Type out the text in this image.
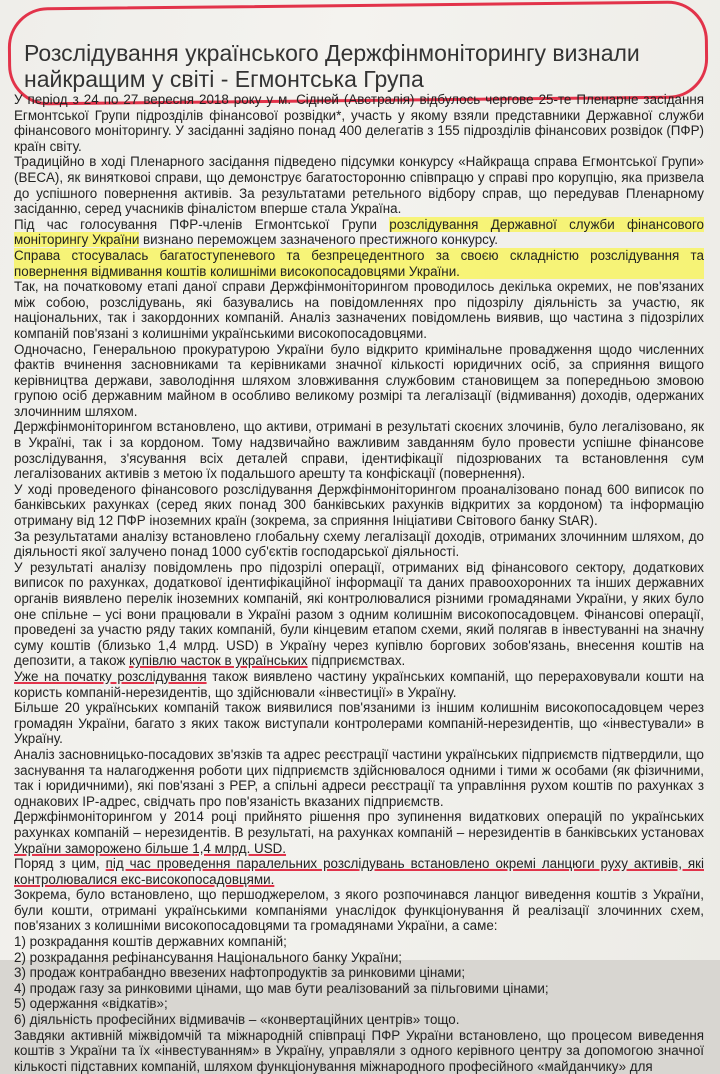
Розслідування українського Держфінмоніторингу визнали найкращим у світі - Егмонтська Група

У період з 24 по 27 вересня 2018 року у м. Сідней (Австралія) відбулось чергове 25-те Пленарне засідання Егмонтської Групи підрозділів фінансової розвідки*, участь у якому взяли представники Державної служби фінансового моніторингу. У засіданні задіяно понад 400 делегатів з 155 підрозділів фінансових розвідок (ПФР) країн світу.

Традиційно в ході Пленарного засідання підведено підсумки конкурсу «Найкраща справа Егмонтської Групи» (BECA), як винятковоі справи, що демонструє багатосторонню співпрацю у справі про корупцію, яка призвела до успішного повернення активів. За результатами ретельного відбору справ, що передував Пленарному засіданню, серед учасників фіналістом вперше стала Україна.

Під час голосування ПФР-членів Егмонтської Групи розслідування Державної служби фінансового моніторингу України визнано переможцем зазначеного престижного конкурсу.

Справа стосувалась багатоступеневого та безпрецедентного за своєю складністю розслідування та повернення відмивання коштів колишніми високопосадовцями України.

Так, на початковому етапі даної справи Держфінмоніторингом проводилось декілька окремих, не пов'язаних між собою, розслідувань, які базувались на повідомленнях про підозрілу діяльність за участю, як національних, так і закордонних компаній. Аналіз зазначених повідомлень виявив, що частина з підозрілих компаній пов'язані з колишніми українськими високопосадовцями.

Одночасно, Генеральною прокуратурою України було відкрито кримінальне провадження щодо численних фактів вчинення засновниками та керівниками значної кількості юридичних осіб, за сприяння вищого керівництва держави, заволодіння шляхом зловживання службовим становищем за попередньою змовою групою осіб державним майном в особливо великому розмірі та легалізації (відмивання) доходів, одержаних злочинним шляхом.

Держфінмоніторингом встановлено, що активи, отримані в результаті скоєних злочинів, було легалізовано, як в Україні, так і за кордоном. Тому надзвичайно важливим завданням було провести успішне фінансове розслідування, з'ясування всіх деталей справи, ідентифікації підозрюваних та встановлення сум легалізованих активів з метою їх подальшого арешту та конфіскації (повернення).

У ході проведеного фінансового розслідування Держфінмоніторингом проаналізовано понад 600 виписок по банківських рахунках (серед яких понад 300 банківських рахунків відкритих за кордоном) та інформацію отриману від 12 ПФР іноземних країн (зокрема, за сприяння Ініціативи Світового банку StAR).

За результатами аналізу встановлено глобальну схему легалізації доходів, отриманих злочинним шляхом, до діяльності якої залучено понад 1000 суб'єктів господарської діяльності.

У результаті аналізу повідомлень про підозрілі операції, отриманих від фінансового сектору, додаткових виписок по рахунках, додаткової ідентифікаційної інформації та даних правоохоронних та інших державних органів виявлено перелік іноземних компаній, які контролювалися різними громадянами України, у яких було оне спільне – усі вони працювали в Україні разом з одним колишнім високопосадовцем. Фінансові операції, проведені за участю ряду таких компаній, були кінцевим етапом схеми, який полягав в інвестуванні на значну суму коштів (близько 1,4 млрд. USD) в Україну через купівлю боргових зобов'язань, внесення коштів на депозити, а також купівлю часток в українських підприємствах.

Уже на початку розслідування також виявлено частину українських компаній, що перераховували кошти на користь компаній-нерезидентів, що здійснювали «інвестиції» в Україну.

Більше 20 українських компаній також виявилися пов'язаними із іншим колишнім високопосадовцем через громадян України, багато з яких також виступали контролерами компаній-нерезидентів, що «інвестували» в Україну.

Аналіз засновницько-посадових зв'язків та адрес реєстрації частини українських підприємств підтвердили, що заснування та налагодження роботи цих підприємств здійснювалося одними і тими ж особами (як фізичними, так і юридичними), які пов'язані з PEP, а спільні адреси реєстрації та управління рухом коштів по рахунках з однакових IP-адрес, свідчать про пов'язаність вказаних підприємств.

Держфінмоніторингом у 2014 році прийнято рішення про зупинення видаткових операцій по українських рахунках компаній – нерезидентів. В результаті, на рахунках компаній – нерезидентів в банківських установах України заморожено більше 1,4 млрд. USD.

Поряд з цим, під час проведення паралельних розслідувань встановлено окремі ланцюги руху активів, які контролювалися екс-високопосадовцями.

Зокрема, було встановлено, що першоджерелом, з якого розпочинався ланцюг виведення коштів з України, були кошти, отримані українськими компаніями унаслідок функціонування й реалізації злочинних схем, пов'язаних з колишніми високопосадовцями та громадянами України, а саме:

1) розкрадання коштів державних компаній;
2) розкрадання рефінансування Національного банку України;
3) продаж контрабандно ввезених нафтопродуктів за ринковими цінами;
4) продаж газу за ринковими цінами, що мав бути реалізований за пільговими цінами;
5) одержання «відкатів»;
6) діяльність професійних відмивачів – «конвертаційних центрів» тощо.

Завдяки активній міжвідомчій та міжнародній співпраці ПФР України встановлено, що процесом виведення коштів з України та їх «інвестуванням» в Україну, управляли з одного керівного центру за допомогою значної кількості підставних компаній, шляхом функціонування міжнародного професійного «майданчику» для
